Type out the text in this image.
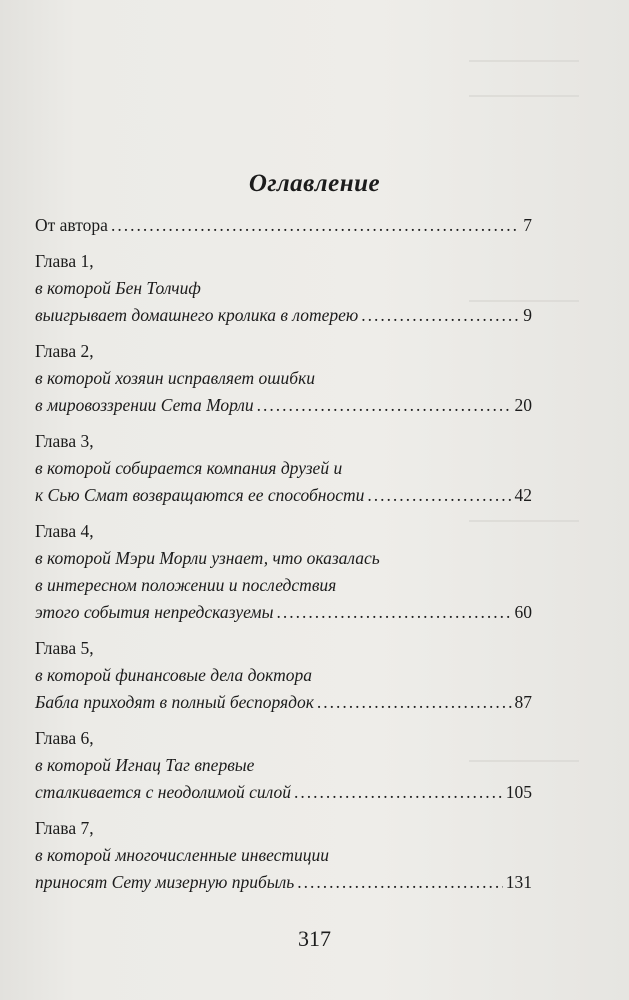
Оглавление
От автора .....	7
Глава 1,
в которой Бен Толчиф
выигрывает домашнего кролика в лотерею .....	9
Глава 2,
в которой хозяин исправляет ошибки
в мировоззрении Сета Морли .....	20
Глава 3,
в которой собирается компания друзей и
к Сью Смат возвращаются ее способности .....	42
Глава 4,
в которой Мэри Морли узнает, что оказалась
в интересном положении и последствия
этого события непредсказуемы .....	60
Глава 5,
в которой финансовые дела доктора
Бабла приходят в полный беспорядок .....	87
Глава 6,
в которой Игнац Таг впервые
сталкивается с неодолимой силой .....	105
Глава 7,
в которой многочисленные инвестиции
приносят Сету мизерную прибыль .....	131
317
